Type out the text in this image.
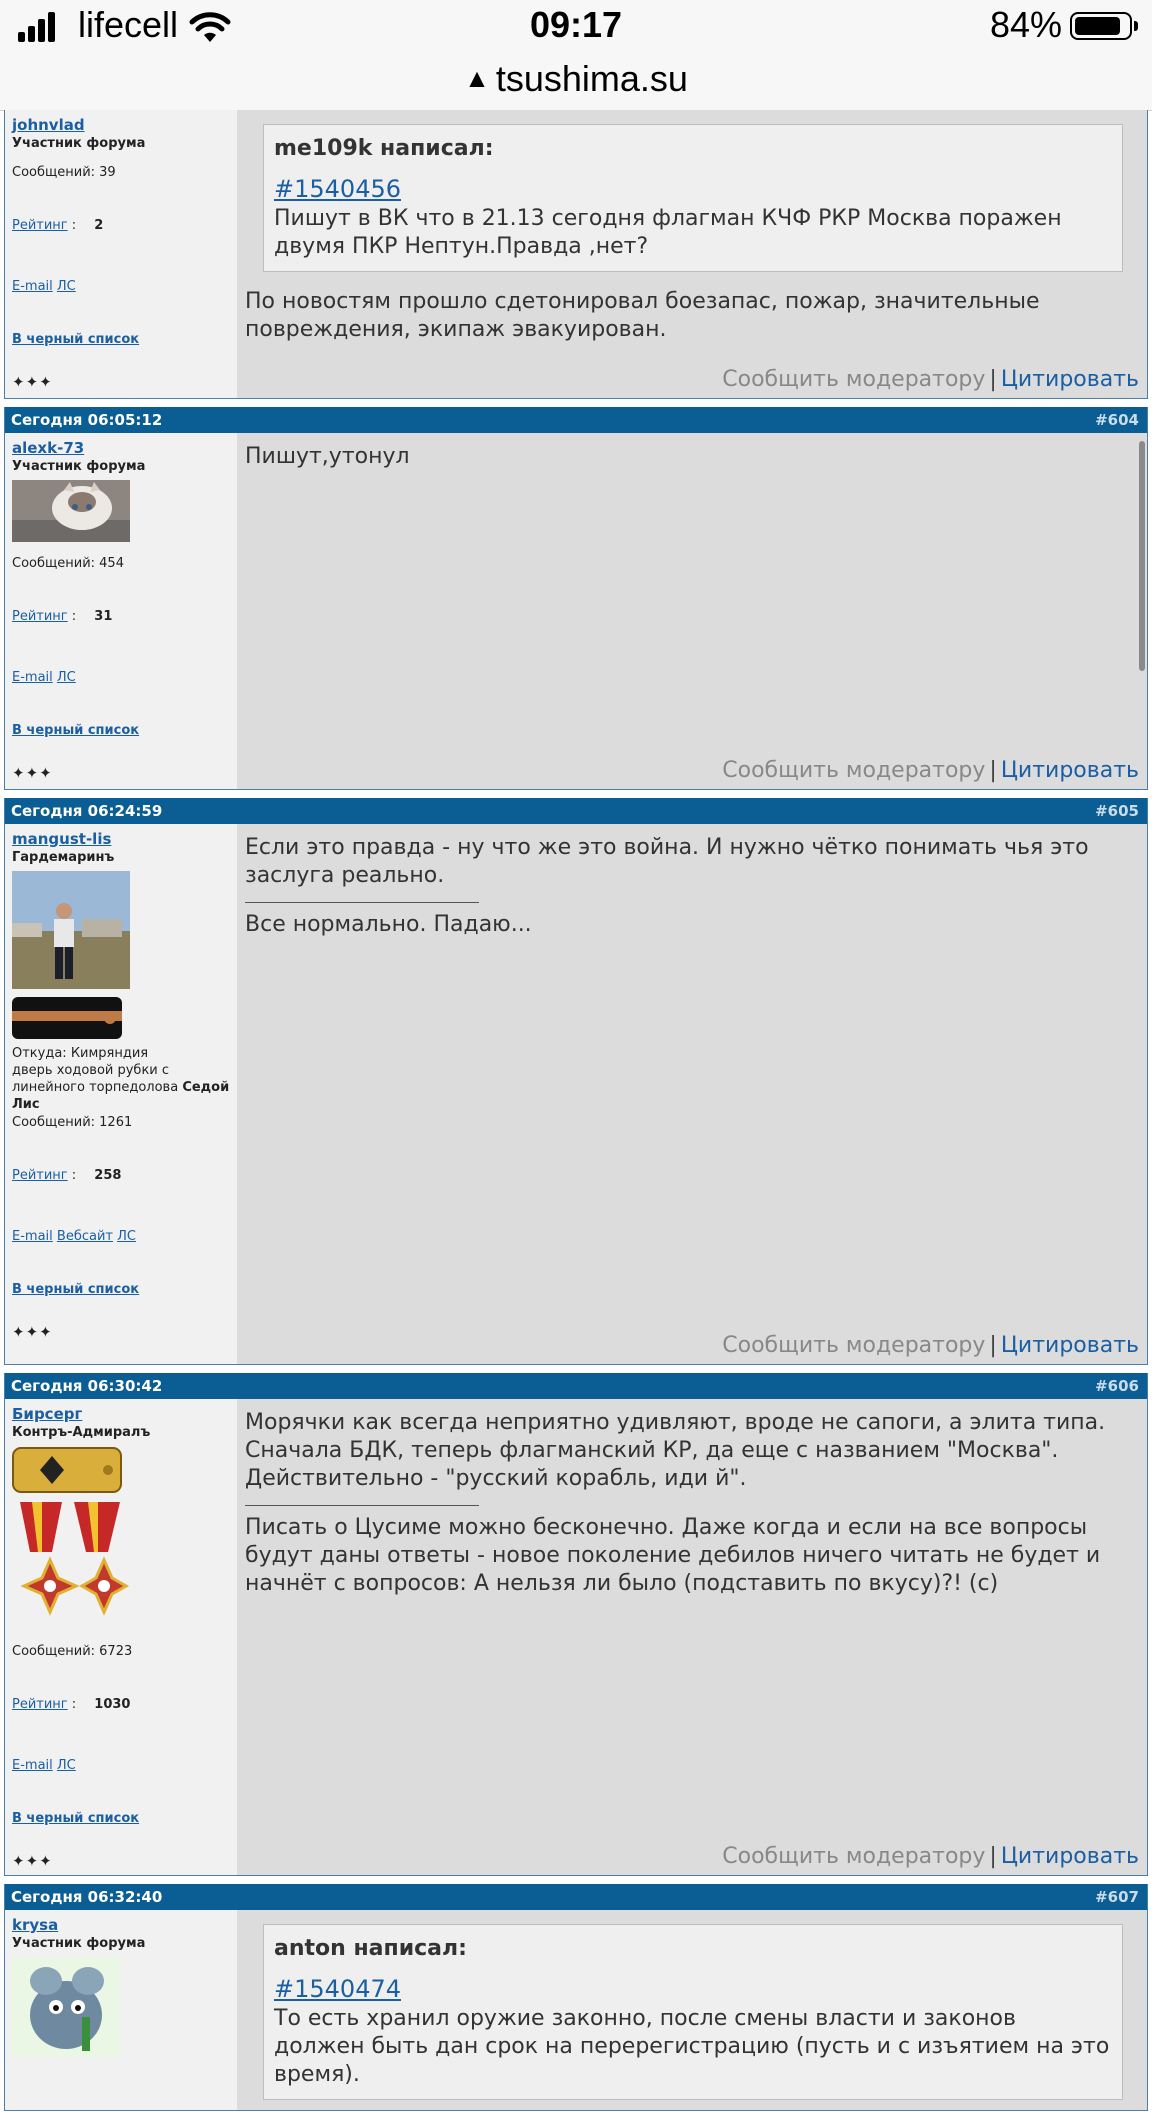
lifecell	09:17	84%
▲ tsushima.su
johnvlad
Участник форума
Сообщений: 39
Рейтинг : 2
E-mail ЛС
В черный список
✦✦✦
me109k написал:
#1540456
Пишут в ВК что в 21.13 сегодня флагман КЧФ РКР Москва поражен двумя ПКР Нептун.Правда ,нет?
По новостям прошло сдетонировал боезапас, пожар, значительные повреждения, экипаж эвакуирован.
Сообщить модератору | Цитировать
Сегодня 06:05:12	#604
alexk-73
Участник форума
Сообщений: 454
Рейтинг : 31
E-mail ЛС
В черный список
✦✦✦
Пишут,утонул
Сообщить модератору | Цитировать
Сегодня 06:24:59	#605
mangust-lis
Гардемаринъ
Откуда: Кимряндия
дверь ходовой рубки с линейного торпедолова Седой Лис
Сообщений: 1261
Рейтинг : 258
E-mail Вебсайт ЛС
В черный список
✦✦✦
Если это правда - ну что же это война. И нужно чётко понимать чья это заслуга реально.
Все нормально. Падаю...
Сообщить модератору | Цитировать
Сегодня 06:30:42	#606
Бирсерг
Контръ-Адмиралъ
Сообщений: 6723
Рейтинг : 1030
E-mail ЛС
В черный список
✦✦✦
Морячки как всегда неприятно удивляют, вроде не сапоги, а элита типа. Сначала БДК, теперь флагманский КР, да еще с названием "Москва". Действительно - "русский корабль, иди й".
Писать о Цусиме можно бесконечно. Даже когда и если на все вопросы будут даны ответы - новое поколение дебилов ничего читать не будет и начнёт с вопросов: А нельзя ли было (подставить по вкусу)?! (с)
Сообщить модератору | Цитировать
Сегодня 06:32:40	#607
krysa
Участник форума	anton написал:
#1540474
То есть хранил оружие законно, после смены власти и законов должен быть дан срок на перерегистрацию (пусть и с изъятием на это время).
